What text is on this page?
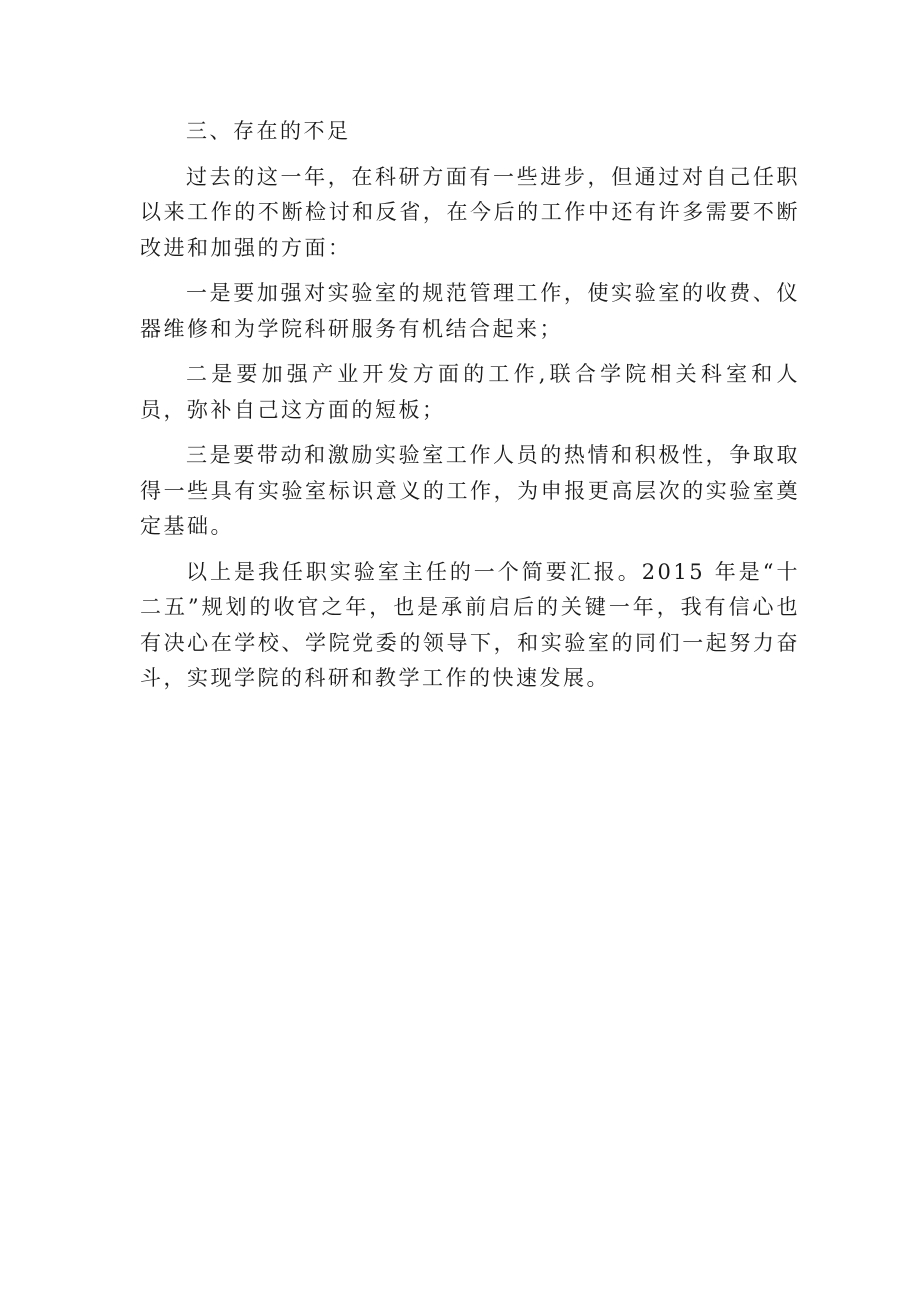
三、存在的不足

过去的这一年，在科研方面有一些进步，但通过对自己任职以来工作的不断检讨和反省，在今后的工作中还有许多需要不断改进和加强的方面：

一是要加强对实验室的规范管理工作，使实验室的收费、仪器维修和为学院科研服务有机结合起来；

二是要加强产业开发方面的工作,联合学院相关科室和人员，弥补自己这方面的短板；

三是要带动和激励实验室工作人员的热情和积极性，争取取得一些具有实验室标识意义的工作，为申报更高层次的实验室奠定基础。

以上是我任职实验室主任的一个简要汇报。2015 年是“十二五”规划的收官之年，也是承前启后的关键一年，我有信心也有决心在学校、学院党委的领导下，和实验室的同们一起努力奋斗，实现学院的科研和教学工作的快速发展。
